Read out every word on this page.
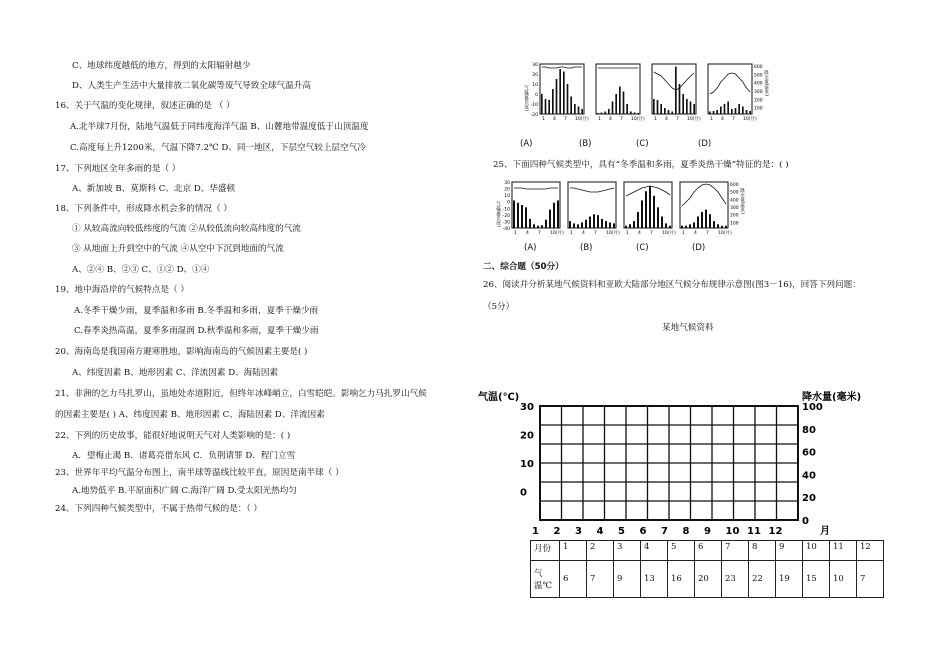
C、地球纬度越低的地方，得到的太阳辐射越少
D、人类生产生活中大量排放二氧化碳等废气导致全球气温升高
16、关于气温的变化规律，叙述正确的是 （ ）
A.北半球7月份，陆地气温低于同纬度海洋气温 B、山麓地带温度低于山顶温度
C.高度每上升1200米，气温下降7.2℃ D、同一地区，下层空气较上层空气冷
17、下列地区全年多雨的是（ ）
A、新加坡 B、莫斯科 C、北京 D、华盛顿
18、下列条件中，形成降水机会多的情况（ ）
① 从较高流向较低纬度的气流 ②从较低流向较高纬度的气流
③ 从地面上升到空中的气流 ④从空中下沉到地面的气流
A、②④ B、②③ C、①② D、①④
19、地中海沿岸的气候特点是（ ）
A.冬季干燥少雨，夏季温和多雨 B.冬季温和多雨，夏季干燥少雨
C.春季炎热高温，夏季多雨湿润 D.秋季温和多雨，夏季干燥少雨
20、海南岛是我国南方避寒胜地，影响海南岛的气候因素主要是( )
A、纬度因素 B、地形因素 C、洋流因素 D、海陆因素
21、非洲的乞力马扎罗山，虽地处赤道附近，但终年冰峰峭立，白雪皑皑。影响乞力马扎罗山气候
的因素主要是( ) A、纬度因素 B、地形因素 C、海陆因素 D、洋流因素
22、下列的历史故事，能很好地说明天气对人类影响的是：( )
A．望梅止渴 B．诸葛亮借东风 C．负荆请罪 D．程门立雪
23、世界年平均气温分布图上，南半球等温线比较平直，原因是南半球（ ）
A.地势低平 B.平原面积广阔 C.海洋广阔 D.受太阳光热均匀
24、下列四种气候类型中，不属于热带气候的是：（ ）
25、下面四种气候类型中，具有“冬季温和多雨，夏季炎热干燥”特征的是：( )
二、综合题（50分）
26、阅读并分析某地气候资料和亚欧大陆部分地区气候分布规律示意图(图3－16)，回答下列问题：
（5分）
某地气候资料
30
20
10
0
-10
-20
600
500
400
300
200
100
气温(摄氏度)
降水量(毫米)
1 4 7 10(月) 1 4 7 10(月) 1 4 7 10(月) 1 4 7 10(月)
(A)	(B)	(C)	(D)
30
20
10
0
-10
-20
-30
-40
600
500
400
300
200
100
气温(摄氏度)	降水量(毫米)
1 4 7 10(月) 1 4 7 10(月) 1 4 7 10(月) 1 4 7 10(月)
(A)	(B)	(C)	(D)
气温(℃)	降水量(毫米)
30
20
10
0
100
80
60
40
20
0
1 2 3 4 5 6 7 8 9 10 11 12	月
月份	1	2	3	4	5	6	7	8	9	10	11	12
气温℃	6	7	9	13	16	20	23	22	19	15	10	7
